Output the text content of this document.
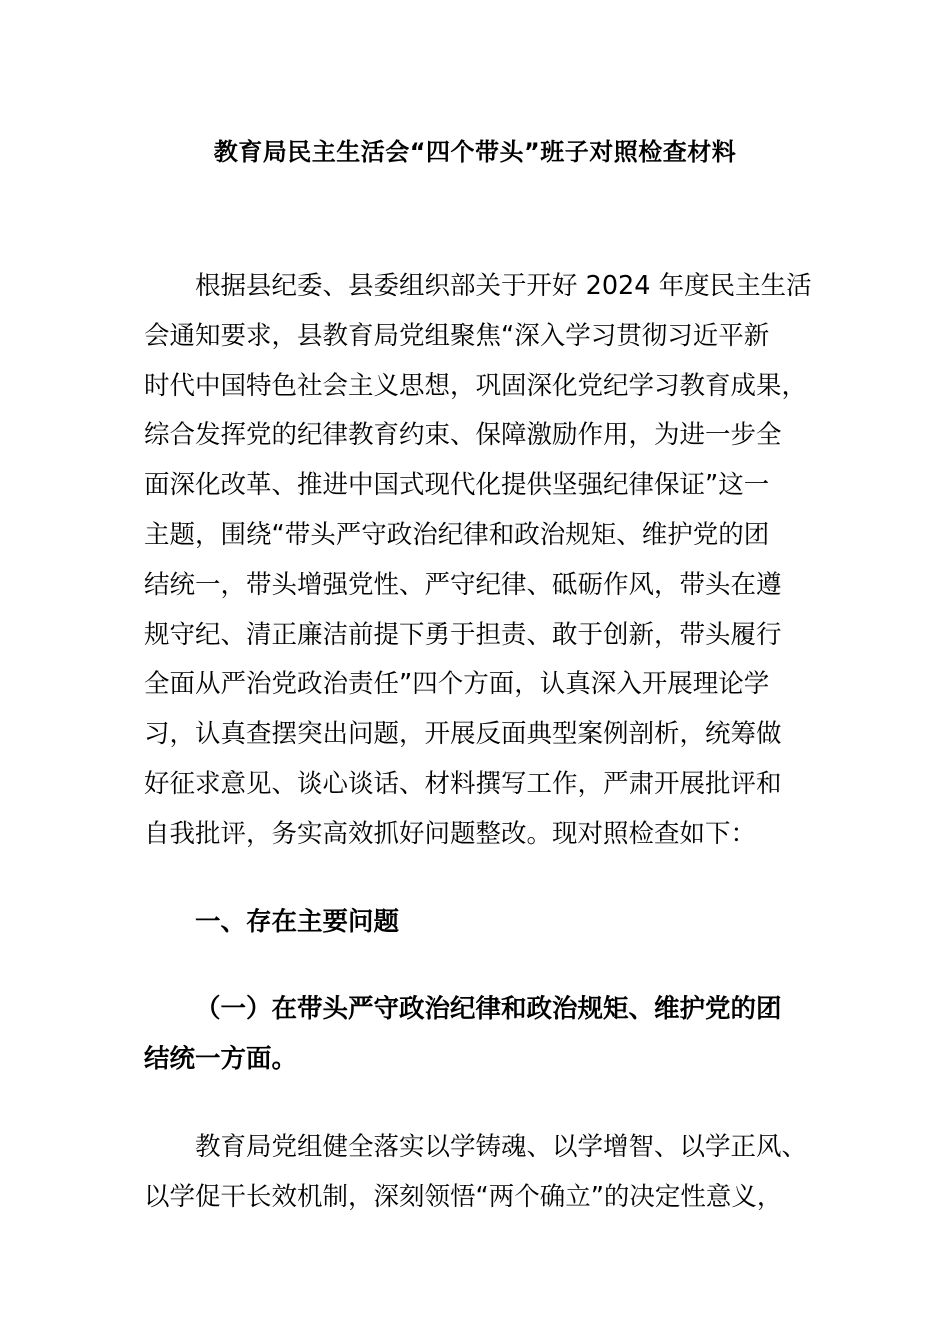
教育局民主生活会“四个带头”班子对照检查材料

根据县纪委、县委组织部关于开好 2024 年度民主生活
会通知要求，县教育局党组聚焦“深入学习贯彻习近平新
时代中国特色社会主义思想，巩固深化党纪学习教育成果，
综合发挥党的纪律教育约束、保障激励作用，为进一步全
面深化改革、推进中国式现代化提供坚强纪律保证”这一
主题，围绕“带头严守政治纪律和政治规矩、维护党的团
结统一，带头增强党性、严守纪律、砥砺作风，带头在遵
规守纪、清正廉洁前提下勇于担责、敢于创新，带头履行
全面从严治党政治责任”四个方面，认真深入开展理论学
习，认真查摆突出问题，开展反面典型案例剖析，统筹做
好征求意见、谈心谈话、材料撰写工作，严肃开展批评和
自我批评，务实高效抓好问题整改。现对照检查如下：

一、存在主要问题

（一）在带头严守政治纪律和政治规矩、维护党的团
结统一方面。

教育局党组健全落实以学铸魂、以学增智、以学正风、
以学促干长效机制，深刻领悟“两个确立”的决定性意义，
